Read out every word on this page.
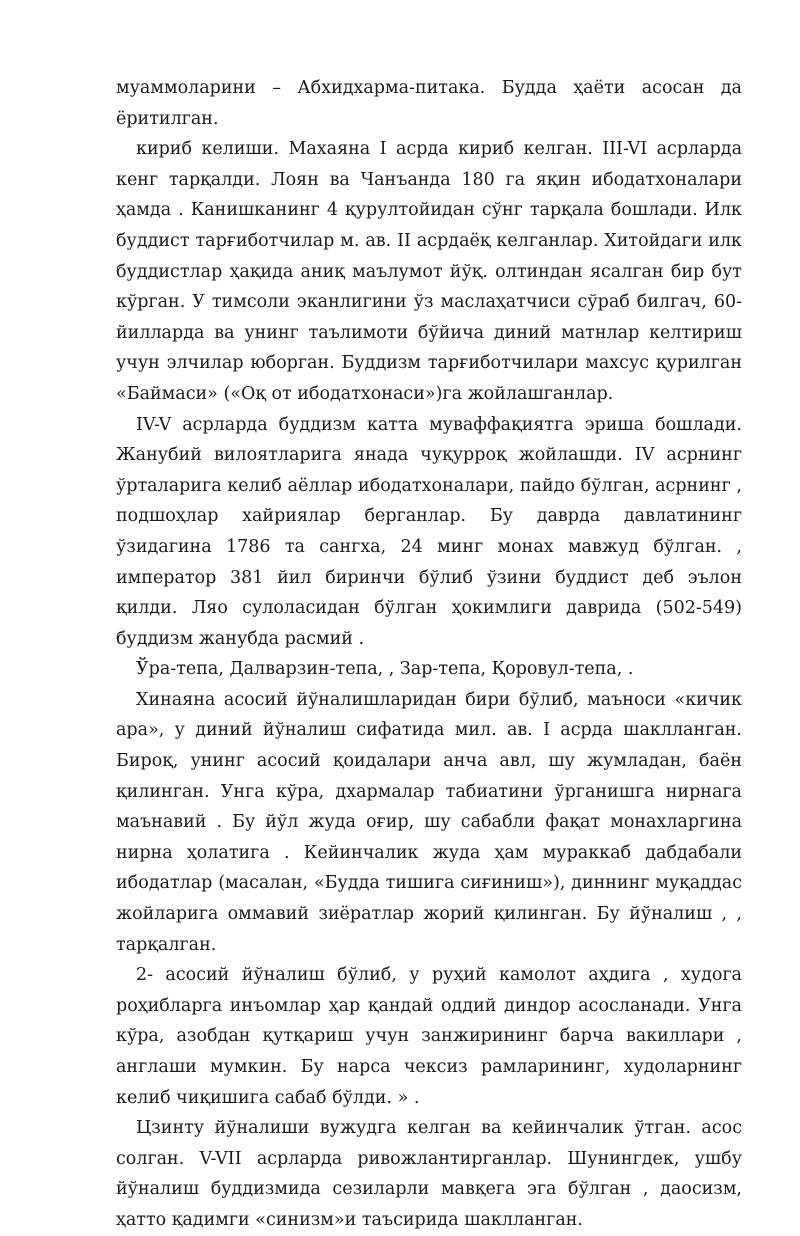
муаммоларини – Абхидхарма-питака. Будда ҳаёти асосан да ёритилган.

кириб келиши. Махаяна I асрда кириб келган. III-VI асрларда кенг тарқалди. Лоян ва Чанъанда 180 га яқин ибодатхоналари ҳамда . Канишканинг 4 қурултойидан сўнг тарқала бошлади. Илк буддист тарғиботчилар м. ав. II асрдаёқ келганлар. Хитойдаги илк буддистлар ҳақида аниқ маълумот йўқ. олтиндан ясалган бир бут кўрган. У тимсоли эканлигини ўз маслаҳатчиси сўраб билгач, 60-йилларда ва унинг таълимоти бўйича диний матнлар келтириш учун элчилар юборган. Буддизм тарғиботчилари махсус қурилган «Баймаси» («Оқ от ибодатхонаси»)га жойлашганлар.

IV-V асрларда буддизм катта муваффақиятга эриша бошлади. Жанубий вилоятларига янада чуқурроқ жойлашди. IV асрнинг ўрталарига келиб аёллар ибодатхоналари, пайдо бўлган, асрнинг , подшоҳлар хайриялар берганлар. Бу даврда давлатининг ўзидагина 1786 та сангха, 24 минг монах мавжуд бўлган. , император 381 йил биринчи бўлиб ўзини буддист деб эълон қилди. Ляо сулоласидан бўлган ҳокимлиги даврида (502-549) буддизм жанубда расмий .

Ўра-тепа, Далварзин-тепа, , Зар-тепа, Қоровул-тепа, .

Хинаяна асосий йўналишларидан бири бўлиб, маъноси «кичик ара», у диний йўналиш сифатида мил. ав. I асрда шаклланган. Бироқ, унинг асосий қоидалари анча авл, шу жумладан, баён қилинган. Унга кўра, дхармалар табиатини ўрганишга нирнага маънавий . Бу йўл жуда оғир, шу сабабли фақат монахларгина нирна ҳолатига . Кейинчалик жуда ҳам мураккаб дабдабали ибодатлар (масалан, «Будда тишига сиғиниш»), диннинг муқаддас жойларига оммавий зиёратлар жорий қилинган. Бу йўналиш , , тарқалган.

2- асосий йўналиш бўлиб, у руҳий камолот аҳдига , худога роҳибларга инъомлар ҳар қандай оддий диндор асосланади. Унга кўра, азобдан қутқариш учун занжирининг барча вакиллари , англаши мумкин. Бу нарса чексиз рамларининг, худоларнинг келиб чиқишига сабаб бўлди. » .

Цзинту йўналиши вужудга келган ва кейинчалик ўтган. асос солган. V-VII асрларда ривожлантирганлар. Шунингдек, ушбу йўналиш буддизмида сезиларли мавқега эга бўлган , даосизм, ҳатто қадимги «синизм»и таъсирида шаклланган.
